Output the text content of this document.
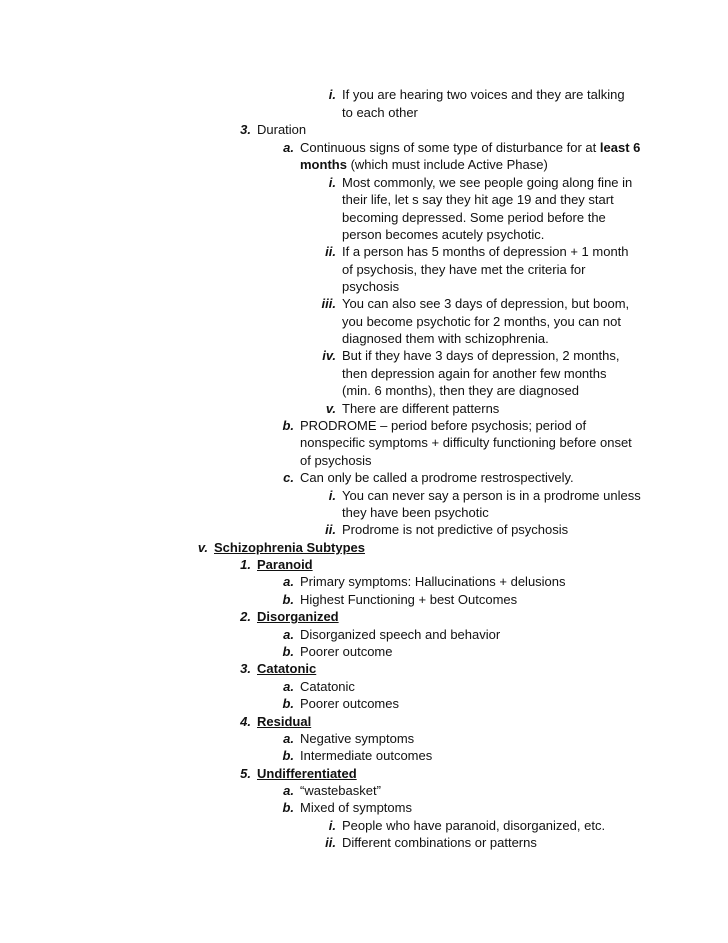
i. If you are hearing two voices and they are talking
to each other
3. Duration
a. Continuous signs of some type of disturbance for at least 6
months (which must include Active Phase)
i. Most commonly, we see people going along fine in
their life, let s say they hit age 19 and they start
becoming depressed. Some period before the
person becomes acutely psychotic.
ii. If a person has 5 months of depression + 1 month
of psychosis, they have met the criteria for
psychosis
iii. You can also see 3 days of depression, but boom,
you become psychotic for 2 months, you can not
diagnosed them with schizophrenia.
iv. But if they have 3 days of depression, 2 months,
then depression again for another few months
(min. 6 months), then they are diagnosed
v. There are different patterns
b. PRODROME – period before psychosis; period of
nonspecific symptoms + difficulty functioning before onset
of psychosis
c. Can only be called a prodrome restrospectively.
i. You can never say a person is in a prodrome unless
they have been psychotic
ii. Prodrome is not predictive of psychosis
v. Schizophrenia Subtypes
1. Paranoid
a. Primary symptoms: Hallucinations + delusions
b. Highest Functioning + best Outcomes
2. Disorganized
a. Disorganized speech and behavior
b. Poorer outcome
3. Catatonic
a. Catatonic
b. Poorer outcomes
4. Residual
a. Negative symptoms
b. Intermediate outcomes
5. Undifferentiated
a. “wastebasket”
b. Mixed of symptoms
i. People who have paranoid, disorganized, etc.
ii. Different combinations or patterns
